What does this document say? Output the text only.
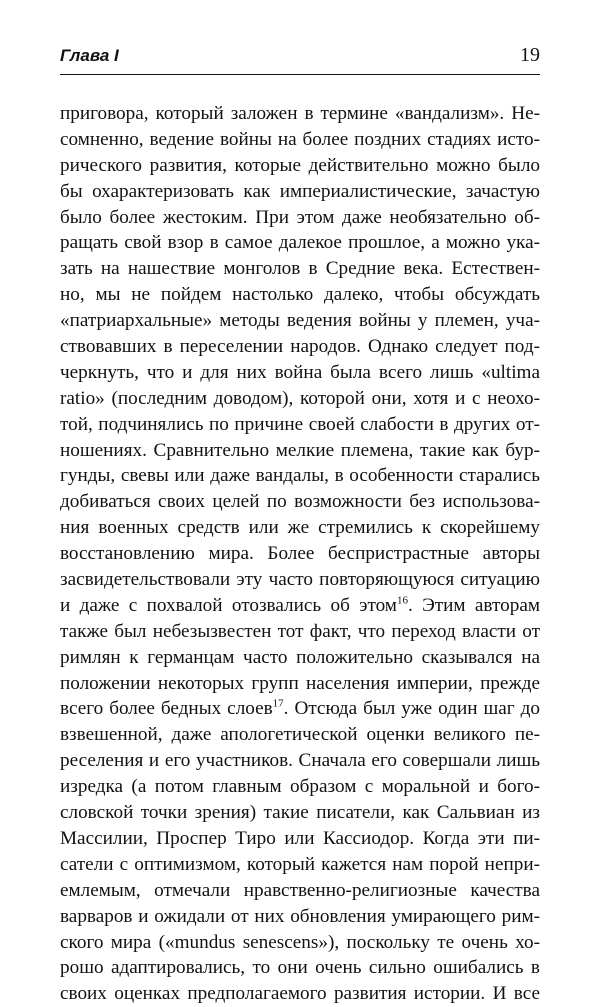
Глава I	19
приговора, который заложен в термине «вандализм». Не-
сомненно, ведение войны на более поздних стадиях исто-
рического развития, которые действительно можно было
бы охарактеризовать как империалистические, зачастую
было более жестоким. При этом даже необязательно об-
ращать свой взор в самое далекое прошлое, а можно ука-
зать на нашествие монголов в Средние века. Естествен-
но, мы не пойдем настолько далеко, чтобы обсуждать
«патриархальные» методы ведения войны у племен, уча-
ствовавших в переселении народов. Однако следует под-
черкнуть, что и для них война была всего лишь «ultima
ratio» (последним доводом), которой они, хотя и с неохо-
той, подчинялись по причине своей слабости в других от-
ношениях. Сравнительно мелкие племена, такие как бур-
гунды, свевы или даже вандалы, в особенности старались
добиваться своих целей по возможности без использова-
ния военных средств или же стремились к скорейшему
восстановлению мира. Более беспристрастные авторы
засвидетельствовали эту часто повторяющуюся ситуацию
и даже с похвалой отозвались об этом$^{16}$. Этим авторам
также был небезызвестен тот факт, что переход власти от
римлян к германцам часто положительно сказывался на
положении некоторых групп населения империи, прежде
всего более бедных слоев$^{17}$. Отсюда был уже один шаг до
взвешенной, даже апологетической оценки великого пе-
реселения и его участников. Сначала его совершали лишь
изредка (а потом главным образом с моральной и бого-
словской точки зрения) такие писатели, как Сальвиан из
Массилии, Проспер Тиро или Кассиодор. Когда эти пи-
сатели с оптимизмом, который кажется нам порой непри-
емлемым, отмечали нравственно-религиозные качества
варваров и ожидали от них обновления умирающего рим-
ского мира («mundus senescens»), поскольку те очень хо-
рошо адаптировались, то они очень сильно ошибались в
своих оценках предполагаемого развития истории. И все
